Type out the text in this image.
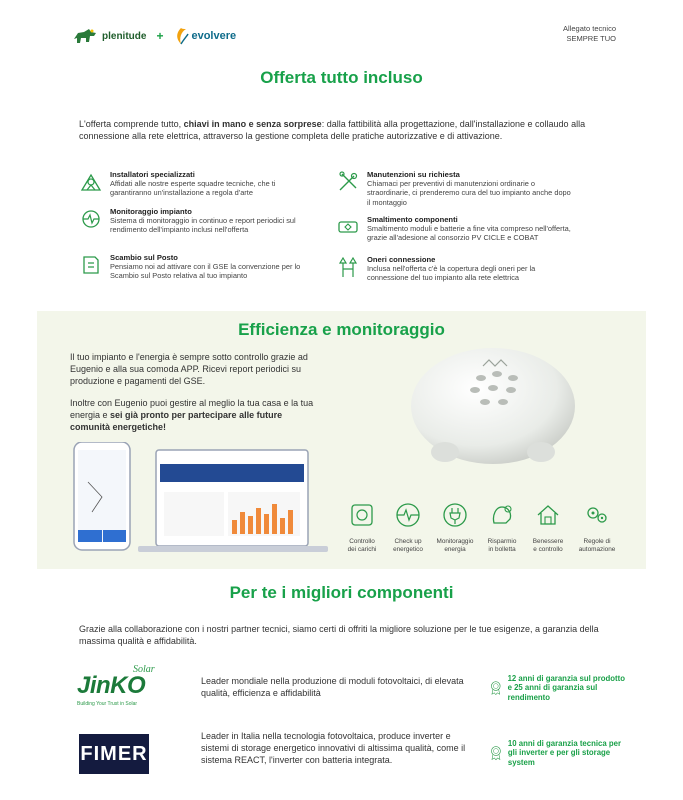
plenitude +	evolvere
Allegato tecnico
SEMPRE TUO
Offerta tutto incluso
L'offerta comprende tutto, chiavi in mano e senza sorprese: dalla fattibilità alla progettazione, dall'installazione e collaudo alla connessione alla rete elettrica, attraverso la gestione completa delle pratiche autorizzative e di attivazione.
Installatori specializzati
Affidati alle nostre esperte squadre tecniche, che ti garantiranno un'installazione a regola d'arte
Monitoraggio impianto
Sistema di monitoraggio in continuo e report periodici sul rendimento dell'impianto inclusi nell'offerta
Scambio sul Posto
Pensiamo noi ad attivare con il GSE la convenzione per lo Scambio sul Posto relativa al tuo impianto
Manutenzioni su richiesta
Chiamaci per preventivi di manutenzioni ordinarie o straordinarie, ci prenderemo cura del tuo impianto anche dopo il montaggio
Smaltimento componenti
Smaltimento moduli e batterie a fine vita compreso nell'offerta, grazie all'adesione al consorzio PV CICLE e COBAT
Oneri connessione
Inclusa nell'offerta c'è la copertura degli oneri per la connessione del tuo impianto alla rete elettrica
Efficienza e monitoraggio

Il tuo impianto e l'energia è sempre sotto controllo grazie ad Eugenio e alla sua comoda APP. Ricevi report periodici su produzione e pagamenti del GSE.

Inoltre con Eugenio puoi gestire al meglio la tua casa e la tua energia e sei già pronto per partecipare alle future comunità energetiche!

Controllo
dei carichi
Check up
energetico
Monitoraggio
energia
Risparmio
in bolletta
Benessere
e controllo
Regole di
automazione
Per te i migliori componenti
Grazie alla collaborazione con i nostri partner tecnici, siamo certi di offriti la migliore soluzione per le tue esigenze, a garanzia della massima qualità e affidabilità.
Solar
JinKO
Building Your Trust in Solar
Leader mondiale nella produzione di moduli fotovoltaici, di elevata qualità, efficienza e affidabilità
12 anni di garanzia sul prodotto e 25 anni di garanzia sul rendimento
FIMER
Leader in Italia nella tecnologia fotovoltaica, produce inverter e sistemi di storage energetico innovativi di altissima qualità, come il sistema REACT, l'inverter con batteria integrata.
10 anni di garanzia tecnica per gli inverter e per gli storage system
